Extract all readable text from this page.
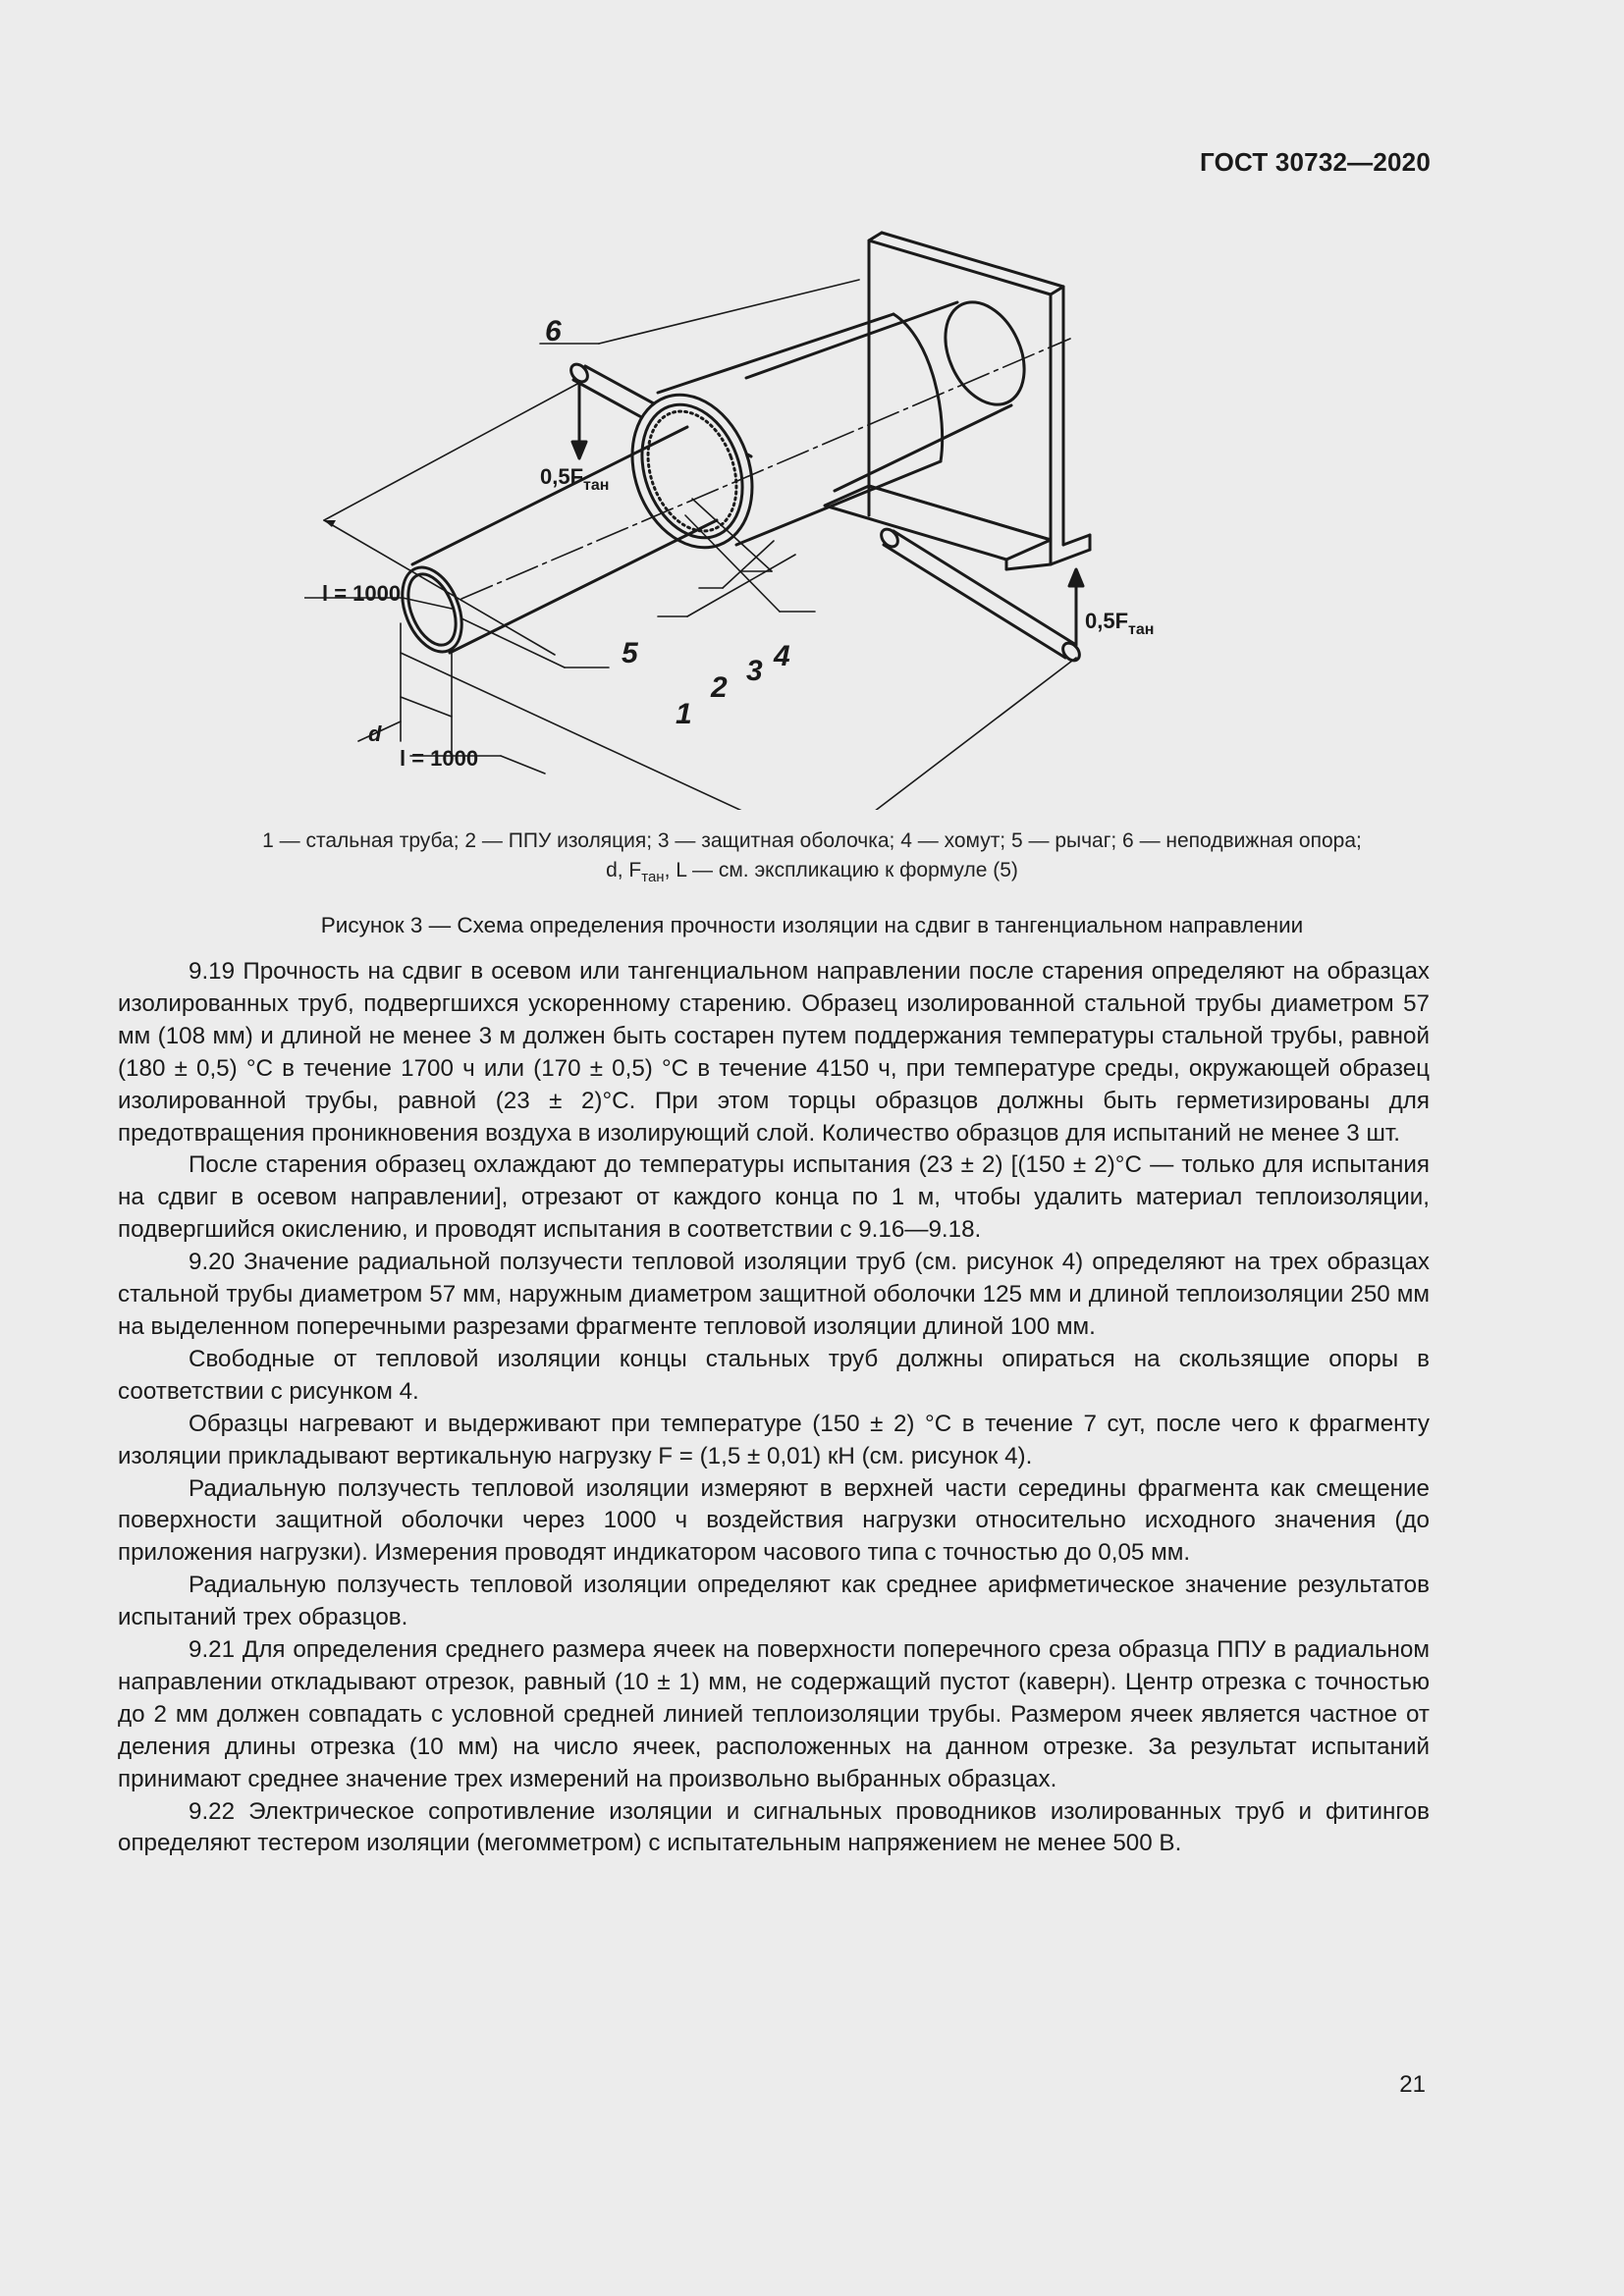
ГОСТ 30732—2020
6
5	4
3
2
1
$0,5F_{тан}$
$0,5F_{тан}$
l = 1000
l = 1000
d
1 — стальная труба; 2 — ППУ изоляция; 3 — защитная оболочка; 4 — хомут; 5 — рычаг; 6 — неподвижная опора;
d, $F_{тан}$, L — см. экспликацию к формуле (5)
Рисунок 3 — Схема определения прочности изоляции на сдвиг в тангенциальном направлении

9.19 Прочность на сдвиг в осевом или тангенциальном направлении после старения определяют на образцах изолированных труб, подвергшихся ускоренному старению. Образец изолированной стальной трубы диаметром 57 мм (108 мм) и длиной не менее 3 м должен быть состарен путем поддержания температуры стальной трубы, равной (180 ± 0,5) °C в течение 1700 ч или (170 ± 0,5) °C в течение 4150 ч, при температуре среды, окружающей образец изолированной трубы, равной (23 ± 2)°С. При этом торцы образцов должны быть герметизированы для предотвращения проникновения воздуха в изолирующий слой. Количество образцов для испытаний не менее 3 шт.

После старения образец охлаждают до температуры испытания (23 ± 2) [(150 ± 2)°С — только для испытания на сдвиг в осевом направлении], отрезают от каждого конца по 1 м, чтобы удалить материал теплоизоляции, подвергшийся окислению, и проводят испытания в соответствии с 9.16—9.18.

9.20 Значение радиальной ползучести тепловой изоляции труб (см. рисунок 4) определяют на трех образцах стальной трубы диаметром 57 мм, наружным диаметром защитной оболочки 125 мм и длиной теплоизоляции 250 мм на выделенном поперечными разрезами фрагменте тепловой изоляции длиной 100 мм.

Свободные от тепловой изоляции концы стальных труб должны опираться на скользящие опоры в соответствии с рисунком 4.

Образцы нагревают и выдерживают при температуре (150 ± 2) °С в течение 7 сут, после чего к фрагменту изоляции прикладывают вертикальную нагрузку F = (1,5 ± 0,01) кН (см. рисунок 4).

Радиальную ползучесть тепловой изоляции измеряют в верхней части середины фрагмента как смещение поверхности защитной оболочки через 1000 ч воздействия нагрузки относительно исходного значения (до приложения нагрузки). Измерения проводят индикатором часового типа с точностью до 0,05 мм.

Радиальную ползучесть тепловой изоляции определяют как среднее арифметическое значение результатов испытаний трех образцов.

9.21 Для определения среднего размера ячеек на поверхности поперечного среза образца ППУ в радиальном направлении откладывают отрезок, равный (10 ± 1) мм, не содержащий пустот (каверн). Центр отрезка с точностью до 2 мм должен совпадать с условной средней линией теплоизоляции трубы. Размером ячеек является частное от деления длины отрезка (10 мм) на число ячеек, расположенных на данном отрезке. За результат испытаний принимают среднее значение трех измерений на произвольно выбранных образцах.

9.22 Электрическое сопротивление изоляции и сигнальных проводников изолированных труб и фитингов определяют тестером изоляции (мегомметром) с испытательным напряжением не менее 500 В.

21
